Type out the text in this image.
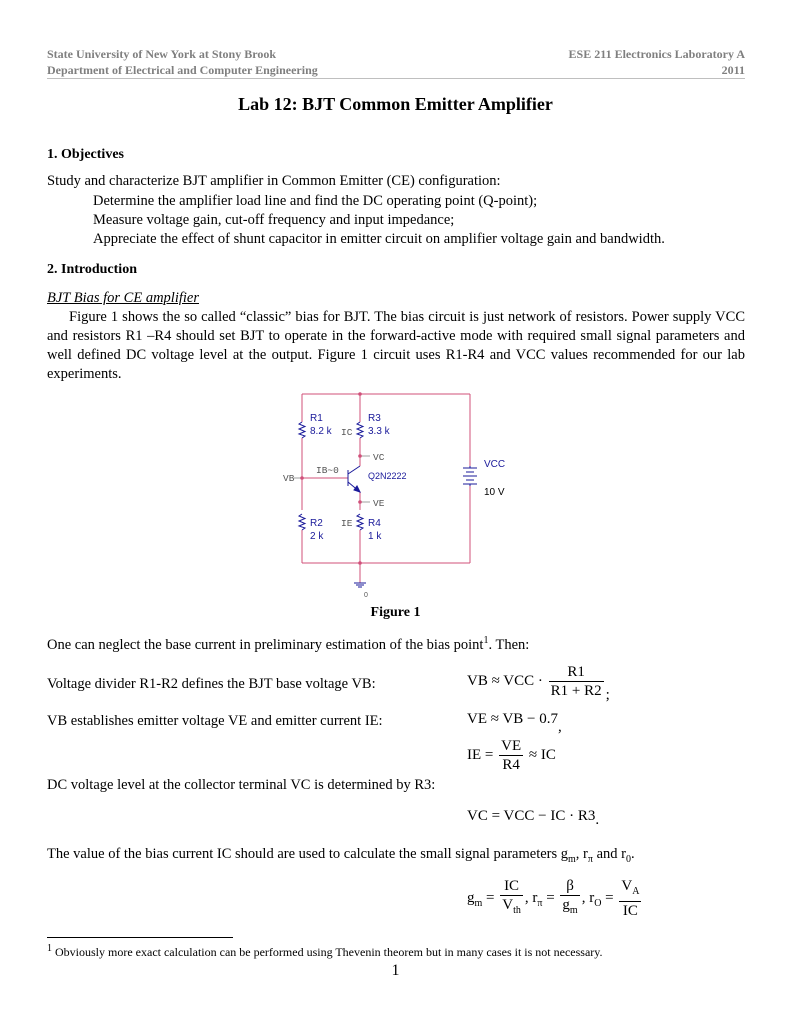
State University of New York at Stony Brook
Department of Electrical and Computer Engineering
ESE 211 Electronics Laboratory A
2011
Lab 12: BJT Common Emitter Amplifier
1. Objectives
Study and characterize BJT amplifier in Common Emitter (CE) configuration:
Determine the amplifier load line and find the DC operating point (Q-point);
Measure voltage gain, cut-off frequency and input impedance;
Appreciate the effect of shunt capacitor in emitter circuit on amplifier voltage gain and bandwidth.
2. Introduction
BJT Bias for CE amplifier
Figure 1 shows the so called “classic” bias for BJT. The bias circuit is just network of resistors. Power supply VCC and resistors R1 –R4 should set BJT to operate in the forward-active mode with required small signal parameters and well defined DC voltage level at the output. Figure 1 circuit uses R1-R4 and VCC values recommended for our lab experiments.
R1
8.2 k
R3
3.3 k
R2
2 k
R4
1 k
Q2N2222
VCC
10 V
IC
IE
IB~0
VB
VC
VE
0
Figure 1
One can neglect the base current in preliminary estimation of the bias point$^1$. Then:
Voltage divider R1-R2 defines the BJT base voltage VB:	VB ≈ VCC · $\frac{R1}{R1 + R2}$ ;
VB establishes emitter voltage VE and emitter current IE:	VE ≈ VB − 0.7,
IE = $\frac{VE}{R4}$ ≈ IC
DC voltage level at the collector terminal VC is determined by R3:
VC = VCC − IC · R3.
The value of the bias current IC should are used to calculate the small signal parameters $g_m$, $r_\pi$ and $r_0$.
$g_m = \frac{IC}{V_{th}}$ , $r_\pi = \frac{\beta}{g_m}$ , $r_O = \frac{V_A}{IC}$
$^1$ Obviously more exact calculation can be performed using Thevenin theorem but in many cases it is not necessary.
1
